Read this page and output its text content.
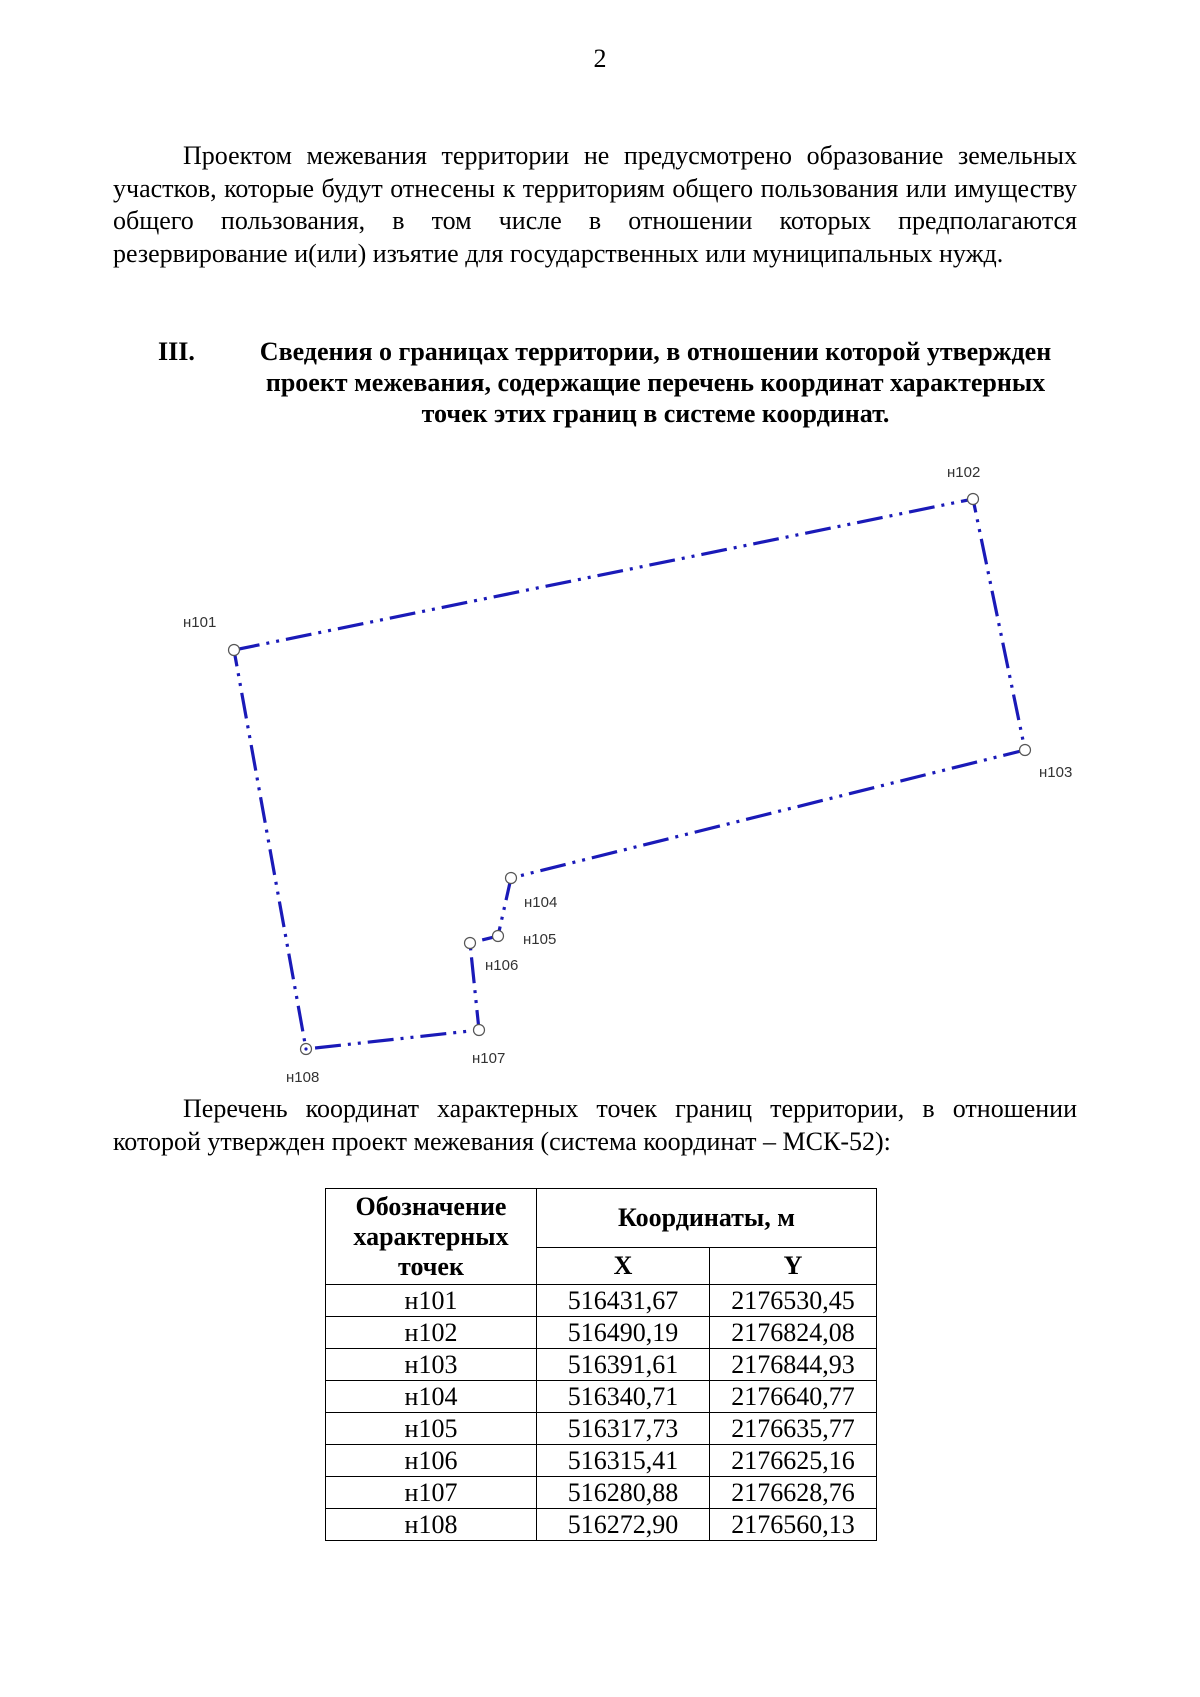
2

Проектом межевания территории не предусмотрено образование земельных участков, которые будут отнесены к территориям общего пользования или имуществу общего пользования, в том числе в отношении которых предполагаются резервирование и(или) изъятие для государственных или муниципальных нужд.

III.	Сведения о границах территории, в отношении которой утвержден проект межевания, содержащие перечень координат характерных точек этих границ в системе координат.
н101
н102
н103
н104
н105
н106
н107
н108

Перечень координат характерных точек границ территории, в отношении которой утвержден проект межевания (система координат – МСК-52):

Обозначение характерных точек	Координаты, м	
	X	Y
н101	516431,67	2176530,45
н102	516490,19	2176824,08
н103	516391,61	2176844,93
н104	516340,71	2176640,77
н105	516317,73	2176635,77
н106	516315,41	2176625,16
н107	516280,88	2176628,76
н108	516272,90	2176560,13
